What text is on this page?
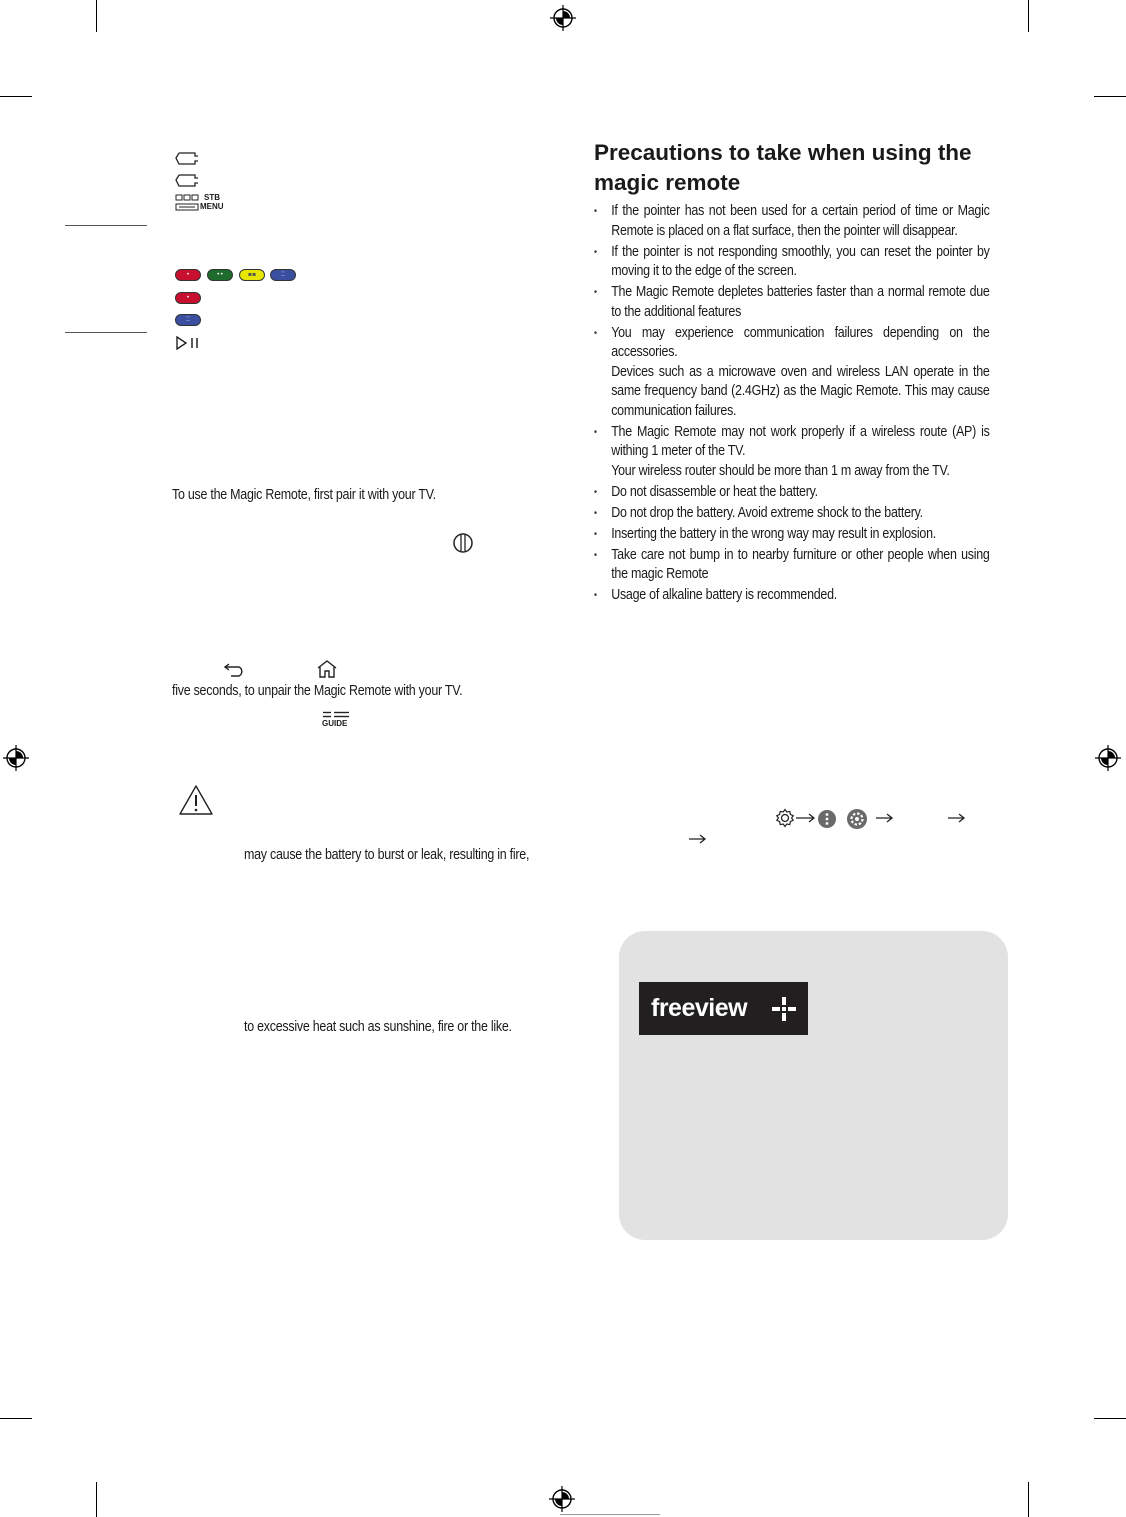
STB
MENU
•	••	▪▪	⁚⁚
•
⁚⁚
To use the Magic Remote, first pair it with your TV.
five seconds, to unpair the Magic Remote with your TV.
GUIDE
may cause the battery to burst or leak, resulting in fire,
to excessive heat such as sunshine, fire or the like.
Precautions to take when using the magic remote
• If the pointer has not been used for a certain period of time or Magic Remote is placed on a flat surface, then the pointer will disappear.
• If the pointer is not responding smoothly, you can reset the pointer by moving it to the edge of the screen.
• The Magic Remote depletes batteries faster than a normal remote due to the additional features
• You may experience communication failures depending on the accessories.
Devices such as a microwave oven and wireless LAN operate in the same frequency band (2.4GHz) as the Magic Remote. This may cause communication failures.
• The Magic Remote may not work properly if a wireless route (AP) is withing 1 meter of the TV.
Your wireless router should be more than 1 m away from the TV.
• Do not disassemble or heat the battery.
• Do not drop the battery. Avoid extreme shock to the battery.
• Inserting the battery in the wrong way may result in explosion.
• Take care not bump in to nearby furniture or other people when using the magic Remote
• Usage of alkaline battery is recommended.
freeview
